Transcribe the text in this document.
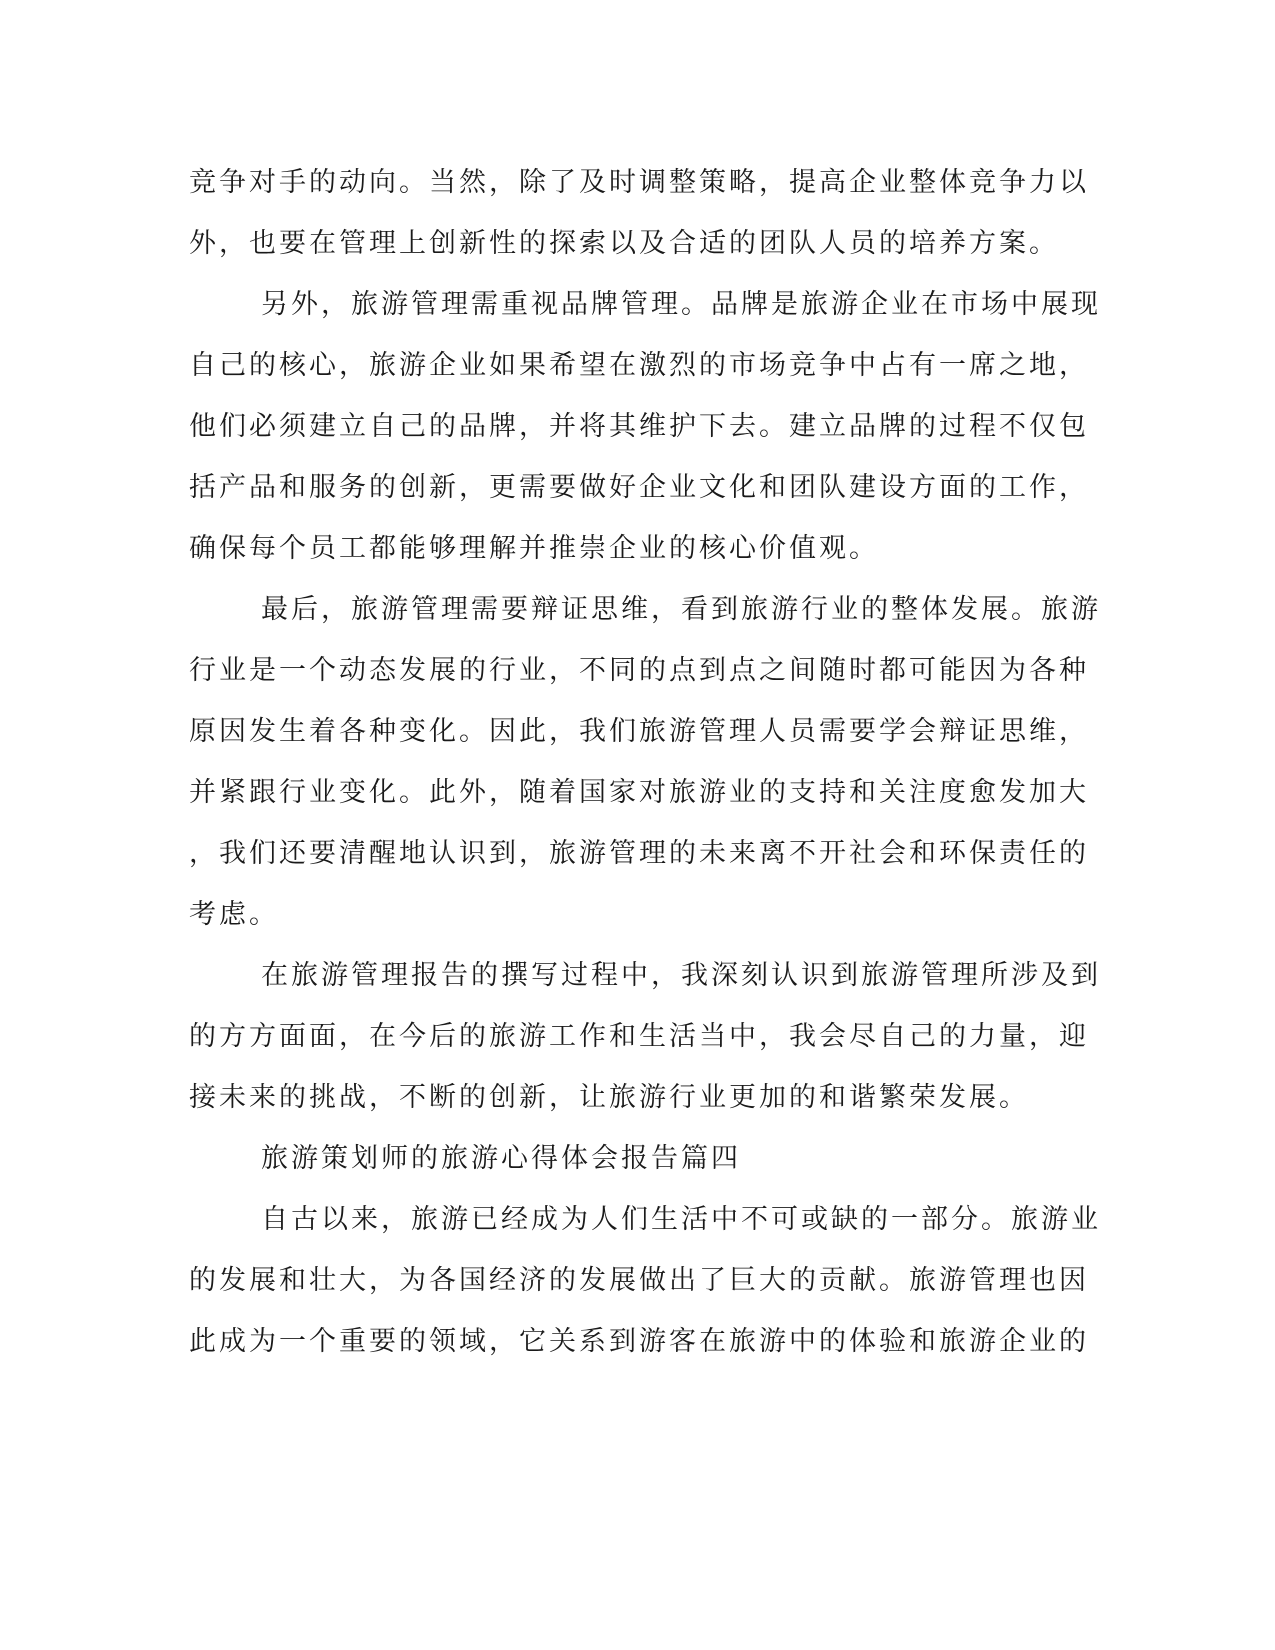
竞争对手的动向。当然，除了及时调整策略，提高企业整体竞争力以
外，也要在管理上创新性的探索以及合适的团队人员的培养方案。
另外，旅游管理需重视品牌管理。品牌是旅游企业在市场中展现
自己的核心，旅游企业如果希望在激烈的市场竞争中占有一席之地，
他们必须建立自己的品牌，并将其维护下去。建立品牌的过程不仅包
括产品和服务的创新，更需要做好企业文化和团队建设方面的工作，
确保每个员工都能够理解并推崇企业的核心价值观。
最后，旅游管理需要辩证思维，看到旅游行业的整体发展。旅游
行业是一个动态发展的行业，不同的点到点之间随时都可能因为各种
原因发生着各种变化。因此，我们旅游管理人员需要学会辩证思维，
并紧跟行业变化。此外，随着国家对旅游业的支持和关注度愈发加大
，我们还要清醒地认识到，旅游管理的未来离不开社会和环保责任的
考虑。
在旅游管理报告的撰写过程中，我深刻认识到旅游管理所涉及到
的方方面面，在今后的旅游工作和生活当中，我会尽自己的力量，迎
接未来的挑战，不断的创新，让旅游行业更加的和谐繁荣发展。
旅游策划师的旅游心得体会报告篇四
自古以来，旅游已经成为人们生活中不可或缺的一部分。旅游业
的发展和壮大，为各国经济的发展做出了巨大的贡献。旅游管理也因
此成为一个重要的领域，它关系到游客在旅游中的体验和旅游企业的
